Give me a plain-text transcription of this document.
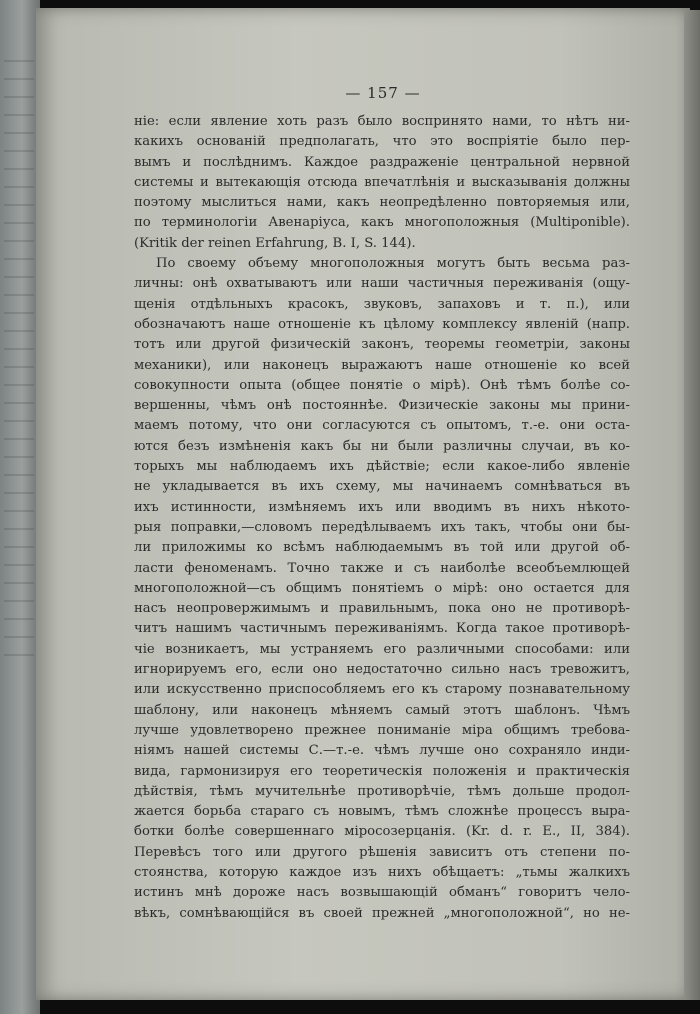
— 157 —
ніе: если явление хоть разъ было воспринято нами, то нѣтъ ни-
какихъ основаній предполагать, что это воспріятіе было пер-
вымъ и послѣднимъ. Каждое раздраженіе центральной нервной
системы и вытекающія отсюда впечатлѣнія и высказыванія должны
поэтому мыслиться нами, какъ неопредѣленно повторяемыя или,
по терминологіи Авенаріуса, какъ многоположныя (Multiponible).
(Kritik der reinen Erfahrung, B. I, S. 144).
По своему объему многоположныя могутъ быть весьма раз-
личны: онѣ охватываютъ или наши частичныя переживанія (ощу-
щенія отдѣльныхъ красокъ, звуковъ, запаховъ и т. п.), или
обозначаютъ наше отношеніе къ цѣлому комплексу явленій (напр.
тотъ или другой физическій законъ, теоремы геометріи, законы
механики), или наконецъ выражаютъ наше отношеніе ко всей
совокупности опыта (общее понятіе о мірѣ). Онѣ тѣмъ болѣе со-
вершенны, чѣмъ онѣ постояннѣе. Физическіе законы мы прини-
маемъ потому, что они согласуются съ опытомъ, т.-е. они оста-
ются безъ измѣненія какъ бы ни были различны случаи, въ ко-
торыхъ мы наблюдаемъ ихъ дѣйствіе; если какое-либо явленіе
не укладывается въ ихъ схему, мы начинаемъ сомнѣваться въ
ихъ истинности, измѣняемъ ихъ или вводимъ въ нихъ нѣкото-
рыя поправки,—словомъ передѣлываемъ ихъ такъ, чтобы они бы-
ли приложимы ко всѣмъ наблюдаемымъ въ той или другой об-
ласти феноменамъ. Точно также и съ наиболѣе всеобъемлющей
многоположной—съ общимъ понятіемъ о мірѣ: оно остается для
насъ неопровержимымъ и правильнымъ, пока оно не противорѣ-
читъ нашимъ частичнымъ переживаніямъ. Когда такое противорѣ-
чіе возникаетъ, мы устраняемъ его различными способами: или
игнорируемъ его, если оно недостаточно сильно насъ тревожитъ,
или искусственно приспособляемъ его къ старому познавательному
шаблону, или наконецъ мѣняемъ самый этотъ шаблонъ. Чѣмъ
лучше удовлетворено прежнее пониманіе міра общимъ требова-
ніямъ нашей системы С.—т.-е. чѣмъ лучше оно сохраняло инди-
вида, гармонизируя его теоретическія положенія и практическія
дѣйствія, тѣмъ мучительнѣе противорѣчіе, тѣмъ дольше продол-
жается борьба стараго съ новымъ, тѣмъ сложнѣе процессъ выра-
ботки болѣе совершеннаго міросозерцанія. (Kr. d. r. E., II, 384).
Перевѣсъ того или другого рѣшенія зависитъ отъ степени по-
стоянства, которую каждое изъ нихъ обѣщаетъ: „тьмы жалкихъ
истинъ мнѣ дороже насъ возвышающій обманъ“ говоритъ чело-
вѣкъ, сомнѣвающійся въ своей прежней „многоположной“, но не-
